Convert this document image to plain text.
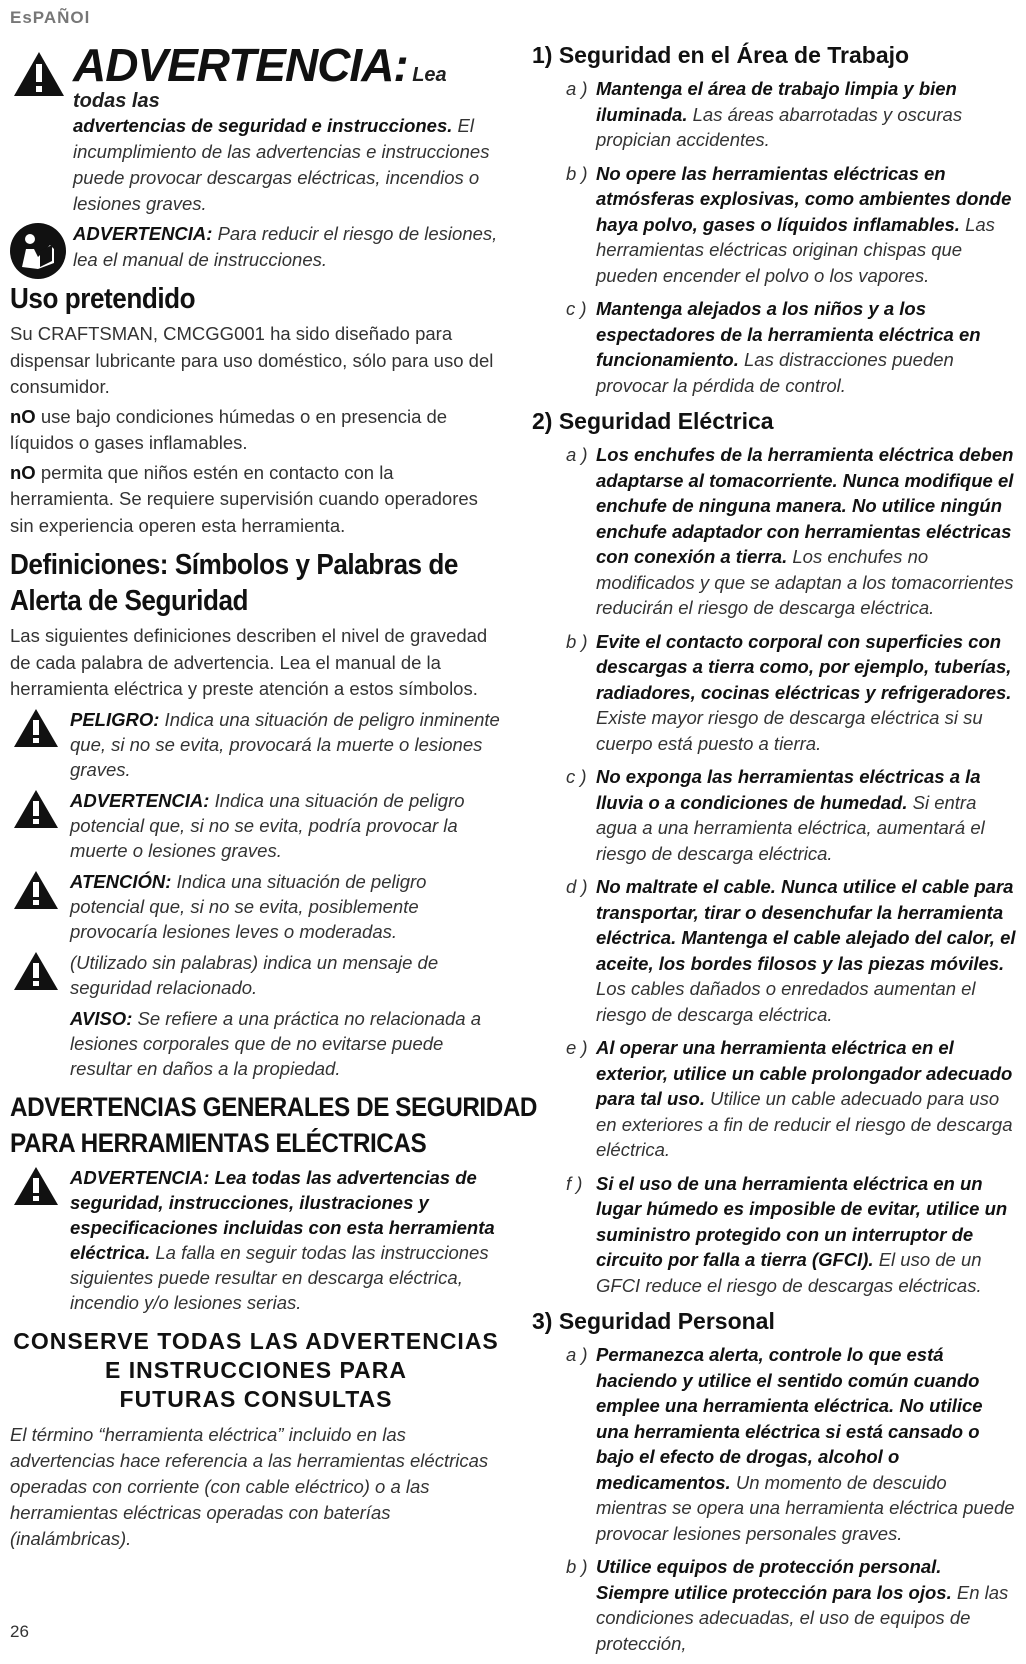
EsPAÑOl
ADVERTENCIA: Lea todas las
advertencias de seguridad e instrucciones. El incumplimiento de las advertencias e instrucciones puede provocar descargas eléctricas, incendios o lesiones graves.
ADVERTENCIA: Para reducir el riesgo de lesiones, lea el manual de instrucciones.
Uso pretendido

Su CRAFTSMAN, CMCGG001 ha sido diseñado para dispensar lubricante para uso doméstico, sólo para uso del consumidor.

nO use bajo condiciones húmedas o en presencia de líquidos o gases inflamables.

nO permita que niños estén en contacto con la herramienta. Se requiere supervisión cuando operadores sin experiencia operen esta herramienta.

Definiciones: Símbolos y Palabras de
Alerta de Seguridad

Las siguientes definiciones describen el nivel de gravedad de cada palabra de advertencia. Lea el manual de la herramienta eléctrica y preste atención a estos símbolos.

PELIGRO: Indica una situación de peligro inminente que, si no se evita, provocará la muerte o lesiones graves.
ADVERTENCIA: Indica una situación de peligro potencial que, si no se evita, podría provocar la muerte o lesiones graves.
ATENCIÓN: Indica una situación de peligro potencial que, si no se evita, posiblemente provocaría lesiones leves o moderadas.
(Utilizado sin palabras) indica un mensaje de seguridad relacionado.
AVISO: Se refiere a una práctica no relacionada a lesiones corporales que de no evitarse puede resultar en daños a la propiedad.
ADVERTENCIAS GENERALES DE SEGURIDAD
PARA HERRAMIENTAS ELÉCTRICAS
ADVERTENCIA: Lea todas las advertencias de seguridad, instrucciones, ilustraciones y especificaciones incluidas con esta herramienta eléctrica. La falla en seguir todas las instrucciones siguientes puede resultar en descarga eléctrica, incendio y/o lesiones serias.
CONSERVE TODAS LAS ADVERTENCIAS
E INSTRUCCIONES PARA
FUTURAS CONSULTAS
El término “herramienta eléctrica” incluido en las advertencias hace referencia a las herramientas eléctricas operadas con corriente (con cable eléctrico) o a las herramientas eléctricas operadas con baterías (inalámbricas).
1) Seguridad en el Área de Trabajo
a ) Mantenga el área de trabajo limpia y bien iluminada. Las áreas abarrotadas y oscuras propician accidentes.
b ) No opere las herramientas eléctricas en atmósferas explosivas, como ambientes donde haya polvo, gases o líquidos inflamables. Las herramientas eléctricas originan chispas que pueden encender el polvo o los vapores.
c ) Mantenga alejados a los niños y a los espectadores de la herramienta eléctrica en funcionamiento. Las distracciones pueden provocar la pérdida de control.
2) Seguridad Eléctrica
a ) Los enchufes de la herramienta eléctrica deben adaptarse al tomacorriente. Nunca modifique el enchufe de ninguna manera. No utilice ningún enchufe adaptador con herramientas eléctricas con conexión a tierra. Los enchufes no modificados y que se adaptan a los tomacorrientes reducirán el riesgo de descarga eléctrica.
b ) Evite el contacto corporal con superficies con descargas a tierra como, por ejemplo, tuberías, radiadores, cocinas eléctricas y refrigeradores. Existe mayor riesgo de descarga eléctrica si su cuerpo está puesto a tierra.
c ) No exponga las herramientas eléctricas a la lluvia o a condiciones de humedad. Si entra agua a una herramienta eléctrica, aumentará el riesgo de descarga eléctrica.
d ) No maltrate el cable. Nunca utilice el cable para transportar, tirar o desenchufar la herramienta eléctrica. Mantenga el cable alejado del calor, el aceite, los bordes filosos y las piezas móviles. Los cables dañados o enredados aumentan el riesgo de descarga eléctrica.
e ) Al operar una herramienta eléctrica en el exterior, utilice un cable prolongador adecuado para tal uso. Utilice un cable adecuado para uso en exteriores a fin de reducir el riesgo de descarga eléctrica.
f ) Si el uso de una herramienta eléctrica en un lugar húmedo es imposible de evitar, utilice un suministro protegido con un interruptor de circuito por falla a tierra (GFCI). El uso de un GFCI reduce el riesgo de descargas eléctricas.
3) Seguridad Personal
a ) Permanezca alerta, controle lo que está haciendo y utilice el sentido común cuando emplee una herramienta eléctrica. No utilice una herramienta eléctrica si está cansado o bajo el efecto de drogas, alcohol o medicamentos. Un momento de descuido mientras se opera una herramienta eléctrica puede provocar lesiones personales graves.
b ) Utilice equipos de protección personal. Siempre utilice protección para los ojos. En las condiciones adecuadas, el uso de equipos de protección,
26
